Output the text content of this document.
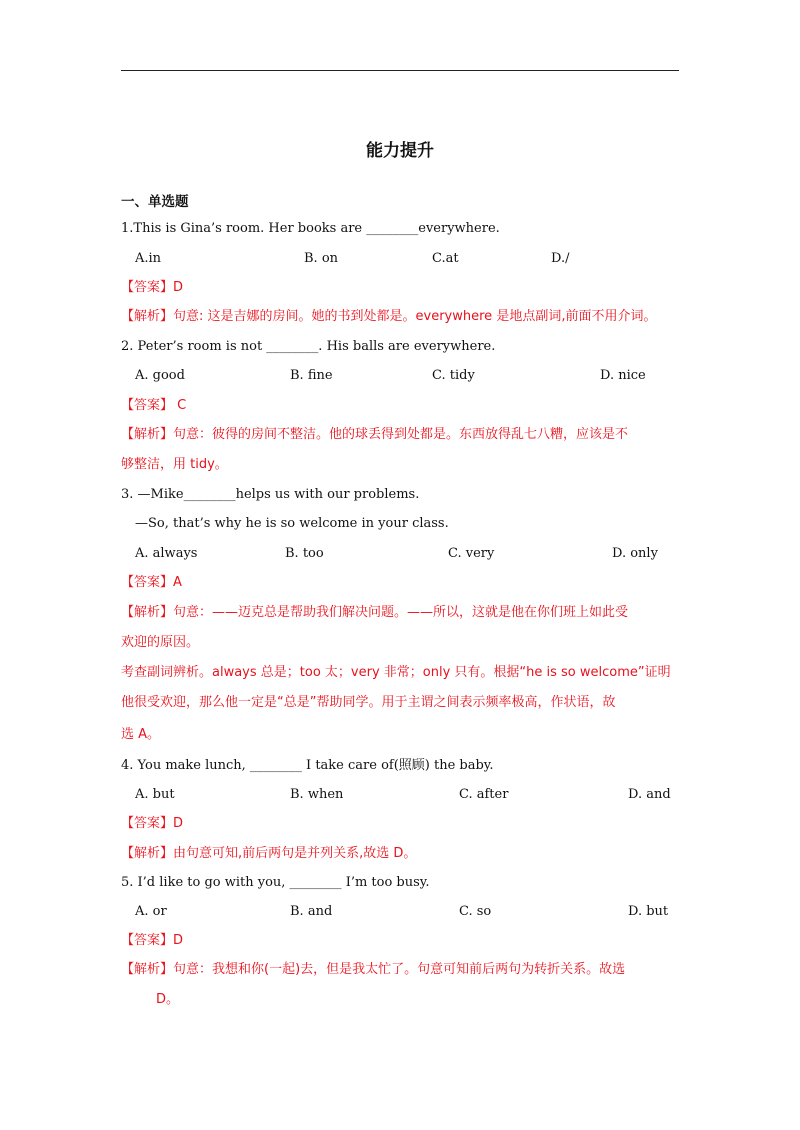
能力提升
一、单选题
1.This is Gina’s room. Her books are ________everywhere.
A.in	B. on	C.at	D./
【答案】D
【解析】句意: 这是吉娜的房间。她的书到处都是。everywhere 是地点副词,前面不用介词。
2. Peter’s room is not ________. His balls are everywhere.
A. good	B. fine	C. tidy	D. nice
【答案】 C
【解析】句意：彼得的房间不整洁。他的球丢得到处都是。东西放得乱七八糟，应该是不
够整洁，用 tidy。
3. —Mike________helps us with our problems.
—So, that’s why he is so welcome in your class.
A. always	B. too	C. very	D. only
【答案】A
【解析】句意：——迈克总是帮助我们解决问题。——所以，这就是他在你们班上如此受
欢迎的原因。
考查副词辨析。always 总是；too 太；very 非常；only 只有。根据“he is so welcome”证明
他很受欢迎，那么他一定是“总是”帮助同学。用于主谓之间表示频率极高，作状语，故
选 A。
4. You make lunch, ________ I take care of(照顾) the baby.
A. but	B. when	C. after	D. and
【答案】D
【解析】由句意可知,前后两句是并列关系,故选 D。
5. I’d like to go with you, ________ I’m too busy.
A. or	B. and	C. so	D. but
【答案】D
【解析】句意：我想和你(一起)去，但是我太忙了。句意可知前后两句为转折关系。故选
D。
